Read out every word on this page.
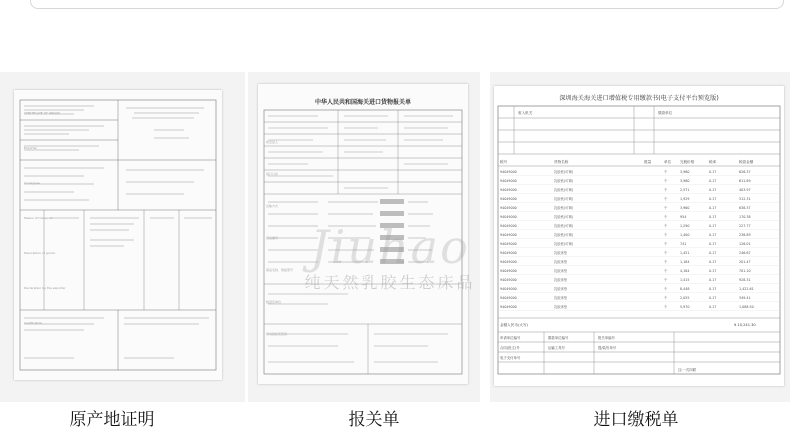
中华人民共和国海关进口货物报关单
深圳海关海关进口增值税专用缴款书(电子支付平台预览版)
收入机关	缴款单位
税号	货物名称	数量	单位 完税价格	税率	税款金额
94049000	乳胶枕(可调)	个	3,960	0.17	626.37
94049000	乳胶枕(可调)	个	3,960	0.17	611.89
94049000	乳胶枕(可调)	个	2,571	0.17	403.97
94049000	乳胶枕(可调)	个	1,929	0.17	312.31
94049000	乳胶枕(可调)	个	3,960	0.17	638.37
94049000	乳胶枕(可调)	个	954	0.17	170.38
94049000	乳胶枕(可调)	个	1,290	0.17	227.77
94049000	乳胶枕(可调)	个	1,400	0.17	238.89
94049000	乳胶枕(可调)	个	741	0.17	126.01
94049000	乳胶床垫	个	1,451	0.17	246.67
94049000	乳胶床垫	个	1,184	0.17	201.47
94049000	乳胶床垫	个	4,184	0.17	701.10
94049000	乳胶床垫	个	1,415	0.17	928.31
94049000	乳胶床垫	个	8,448	0.17	1,422.61
94049000	乳胶床垫	个	2,055	0.17	349.41
94049000	乳胶床垫	个	5,970	0.17	1,088.50
金额人民币(大写)	¥ 10,241.30
申请单位编号	缴款单位编号	报关单编号
合同(批文)号	运输工具号	提/装货单号
电子支付单号
注:一式四联
CERTIFICATE OF ORIGIN
Exporter
Consignee
Means of transport
Description of goods
Declaration by the exporter
Certification
收发货人
进口口岸
运输方式
商品编号
商品名称、规格型号
数量及单位
海关批注及签章
Jiuhao
纯天然乳胶生态床品
原产地证明	报关单	进口缴税单
